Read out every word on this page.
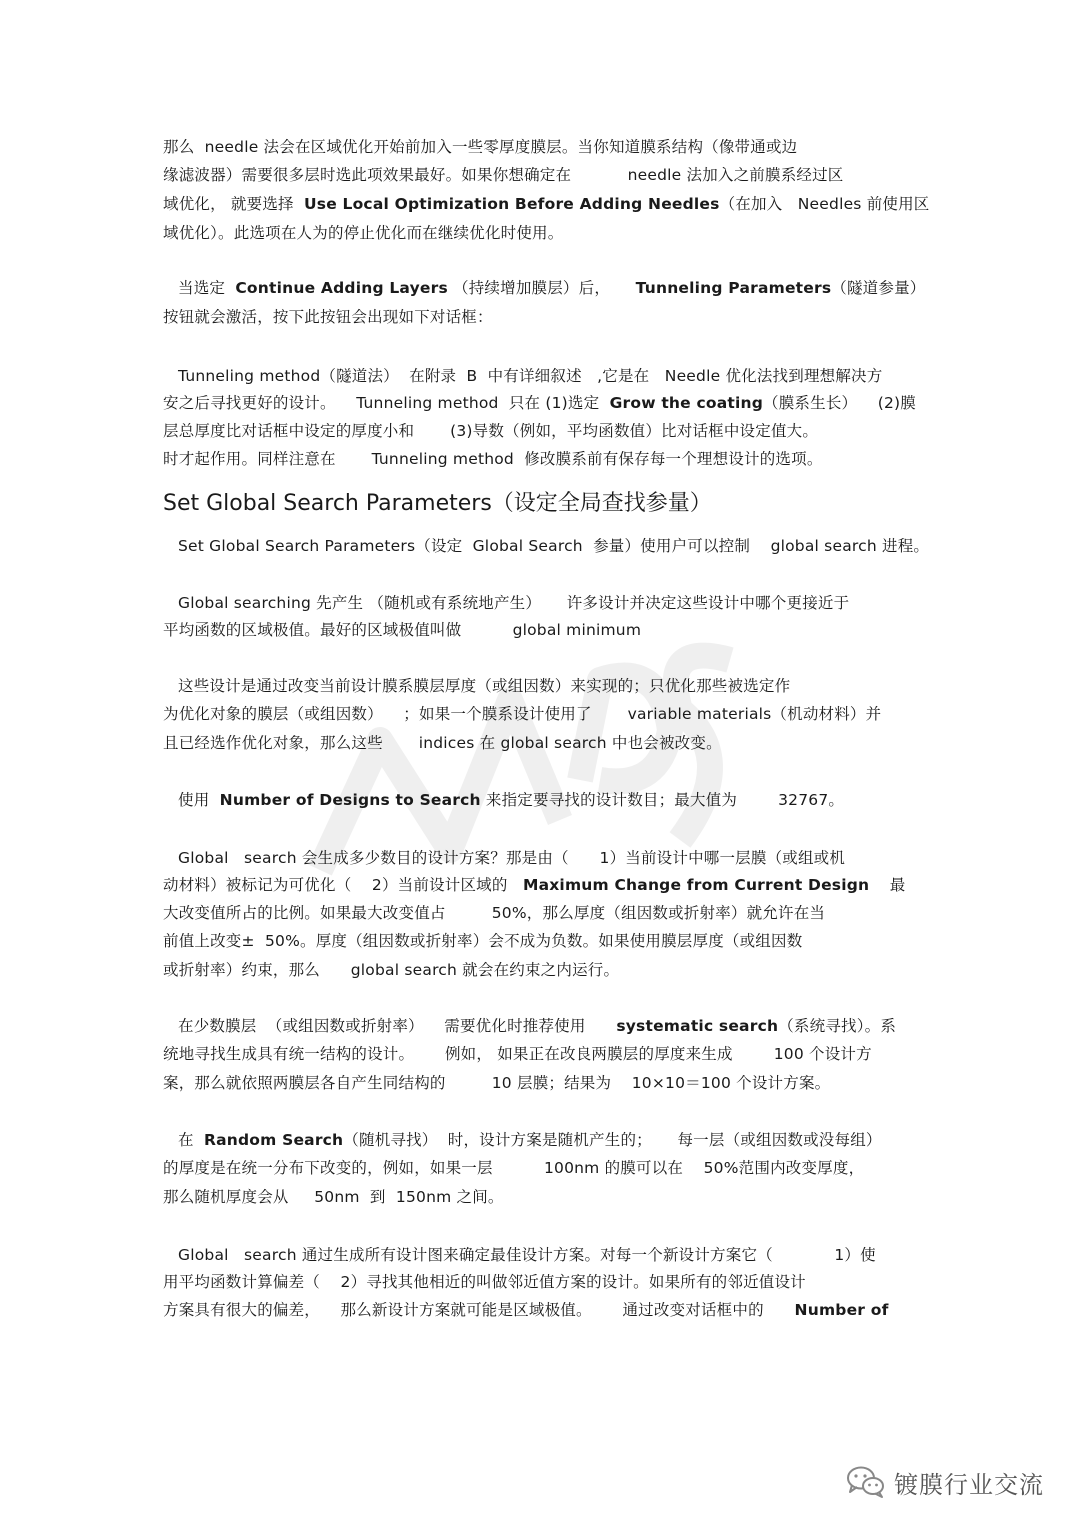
那么  needle 法会在区域优化开始前加入一些零厚度膜层。当你知道膜系结构（像带通或边

缘滤波器）需要很多层时选此项效果最好。如果你想确定在           needle 法加入之前膜系经过区

域优化， 就要选择  Use Local Optimization Before Adding Needles（在加入   Needles 前使用区

域优化）。此选项在人为的停止优化而在继续优化时使用。

当选定  Continue Adding Layers （持续增加膜层）后，     Tunneling Parameters（隧道参量）

按钮就会激活，按下此按钮会出现如下对话框：

Tunneling method（隧道法）  在附录  B  中有详细叙述   ,它是在   Needle 优化法找到理想解决方

安之后寻找更好的设计。    Tunneling method  只在 (1)选定  Grow the coating（膜系生长）    (2)膜

层总厚度比对话框中设定的厚度小和       (3)导数（例如，平均函数值）比对话框中设定值大。

时才起作用。同样注意在       Tunneling method  修改膜系前有保存每一个理想设计的选项。

Set Global Search Parameters（设定全局查找参量）

Set Global Search Parameters（设定  Global Search  参量）使用户可以控制    global search 进程。

Global searching 先产生 （随机或有系统地产生）     许多设计并决定这些设计中哪个更接近于

平均函数的区域极值。最好的区域极值叫做          global minimum

这些设计是通过改变当前设计膜系膜层厚度（或组因数）来实现的；只优化那些被选定作

为优化对象的膜层（或组因数）    ；如果一个膜系设计使用了       variable materials（机动材料）并

且已经选作优化对象，那么这些       indices 在 global search 中也会被改变。

使用  Number of Designs to Search 来指定要寻找的设计数目；最大值为        32767。

Global   search 会生成多少数目的设计方案？那是由（      1）当前设计中哪一层膜（或组或机

动材料）被标记为可优化（    2）当前设计区域的   Maximum Change from Current Design    最

大改变值所占的比例。如果最大改变值占         50%，那么厚度（组因数或折射率）就允许在当

前值上改变±  50%。厚度（组因数或折射率）会不成为负数。如果使用膜层厚度（或组因数

或折射率）约束，那么      global search 就会在约束之内运行。

在少数膜层  （或组因数或折射率）    需要优化时推荐使用      systematic search（系统寻找）。系

统地寻找生成具有统一结构的设计。      例如， 如果正在改良两膜层的厚度来生成        100 个设计方

案，那么就依照两膜层各自产生同结构的         10 层膜；结果为    10×10＝100 个设计方案。

在  Random Search（随机寻找）  时，设计方案是随机产生的；     每一层（或组因数或没每组）

的厚度是在统一分布下改变的，例如，如果一层          100nm 的膜可以在    50%范围内改变厚度，

那么随机厚度会从     50nm  到  150nm 之间。

Global   search 通过生成所有设计图来确定最佳设计方案。对每一个新设计方案它（            1）使

用平均函数计算偏差（    2）寻找其他相近的叫做邻近值方案的设计。如果所有的邻近值设计

方案具有很大的偏差，    那么新设计方案就可能是区域极值。      通过改变对话框中的      Number of

镀膜行业交流
